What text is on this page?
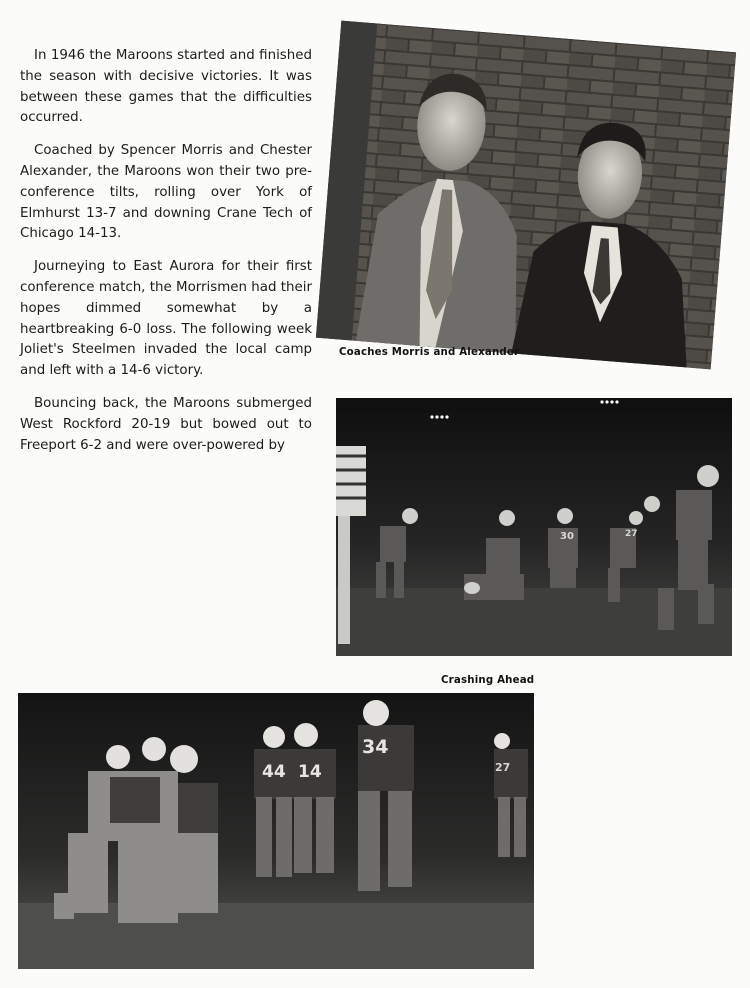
In 1946 the Maroons started and finished the season with decisive victories. It was between these games that the difficulties occurred.

Coached by Spencer Morris and Chester Alexander, the Maroons won their two pre-conference tilts, rolling over York of Elmhurst 13-7 and downing Crane Tech of Chicago 14-13.

Journeying to East Aurora for their first conference match, the Morrismen had their hopes dimmed somewhat by a heartbreaking 6-0 loss. The following week Joliet's Steelmen invaded the local camp and left with a 14-6 victory.

Bouncing back, the Maroons submerged West Rockford 20-19 but bowed out to Freeport 6-2 and were over-powered by

Coaches Morris and Alexander
30	27
Crashing Ahead
44 14
34
27
